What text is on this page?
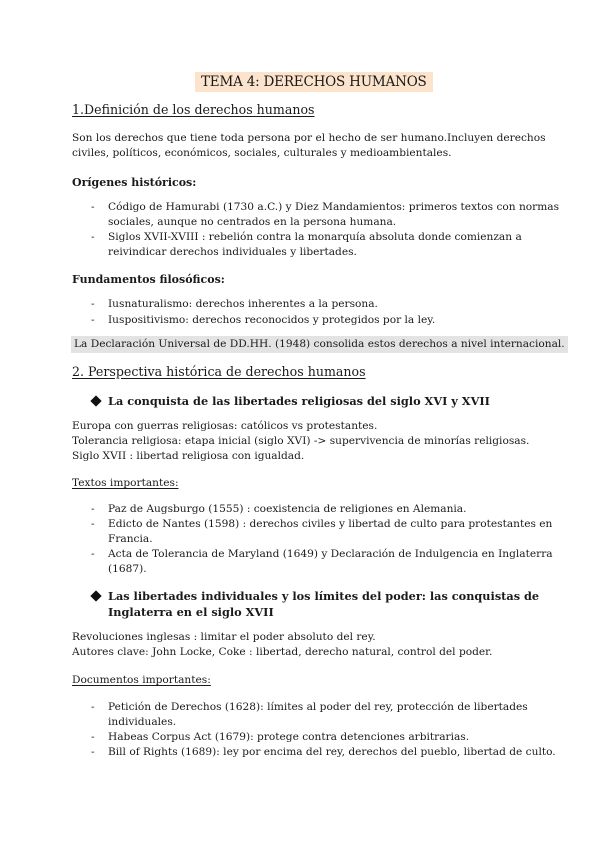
TEMA 4: DERECHOS HUMANOS
1.Definición de los derechos humanos
Son los derechos que tiene toda persona por el hecho de ser humano.Incluyen derechos
civiles, políticos, económicos, sociales, culturales y medioambientales.
Orígenes históricos:
- Código de Hamurabi (1730 a.C.) y Diez Mandamientos: primeros textos con normas
sociales, aunque no centrados en la persona humana.
- Siglos XVII-XVIII : rebelión contra la monarquía absoluta donde comienzan a
reivindicar derechos individuales y libertades.
Fundamentos filosóficos:
- Iusnaturalismo: derechos inherentes a la persona.
- Iuspositivismo: derechos reconocidos y protegidos por la ley.
La Declaración Universal de DD.HH. (1948) consolida estos derechos a nivel internacional.
2. Perspectiva histórica de derechos humanos
La conquista de las libertades religiosas del siglo XVI y XVII
Europa con guerras religiosas: católicos vs protestantes.
Tolerancia religiosa: etapa inicial (siglo XVI) -> supervivencia de minorías religiosas.
Siglo XVII : libertad religiosa con igualdad.
Textos importantes:
- Paz de Augsburgo (1555) : coexistencia de religiones en Alemania.
- Edicto de Nantes (1598) : derechos civiles y libertad de culto para protestantes en
Francia.
- Acta de Tolerancia de Maryland (1649) y Declaración de Indulgencia en Inglaterra
(1687).
Las libertades individuales y los límites del poder: las conquistas de
Inglaterra en el siglo XVII
Revoluciones inglesas : limitar el poder absoluto del rey.
Autores clave: John Locke, Coke : libertad, derecho natural, control del poder.
Documentos importantes:
- Petición de Derechos (1628): límites al poder del rey, protección de libertades
individuales.
- Habeas Corpus Act (1679): protege contra detenciones arbitrarias.
- Bill of Rights (1689): ley por encima del rey, derechos del pueblo, libertad de culto.
